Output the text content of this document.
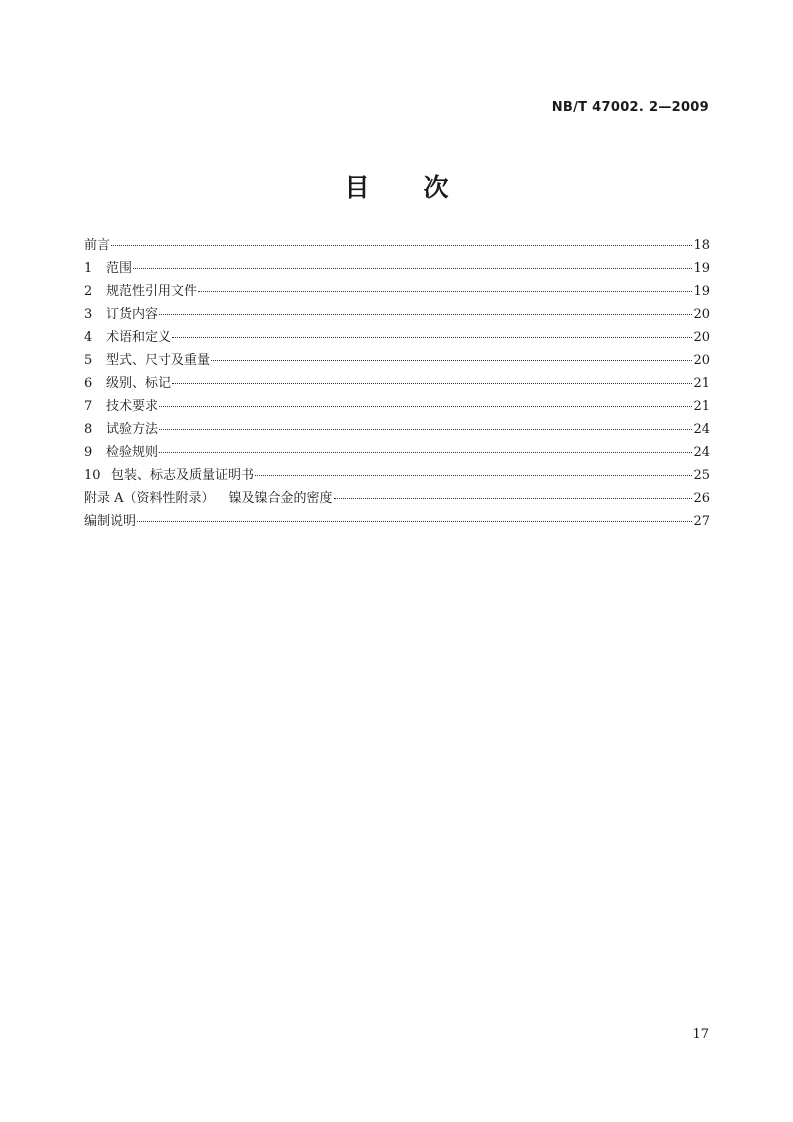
NB/T 47002. 2—2009
目 次
前言	18
1	范围	19
2	规范性引用文件	19
3	订货内容	20
4	术语和定义	20
5	型式、尺寸及重量	20
6	级别、标记	21
7	技术要求	21
8	试验方法	24
9	检验规则	24
10 包装、标志及质量证明书	25
附录 A（资料性附录） 镍及镍合金的密度	26
编制说明	27
17
